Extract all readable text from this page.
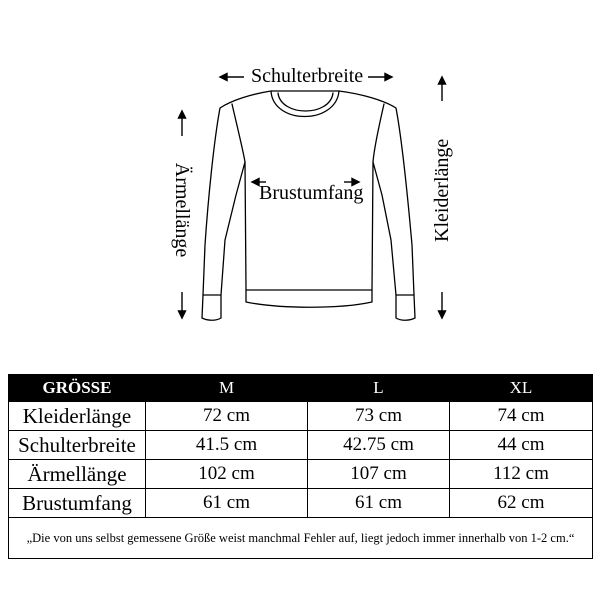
Schulterbreite
Brustumfang
Ärmellänge	Kleiderlänge
GRÖSSE	M	L	XL
Kleiderlänge	72 cm	73 cm	74 cm
Schulterbreite	41.5 cm	42.75 cm	44 cm
Ärmellänge	102 cm	107 cm	112 cm
Brustumfang	61 cm	61 cm	62 cm
„Die von uns selbst gemessene Größe weist manchmal Fehler auf, liegt jedoch immer innerhalb von 1-2 cm.“			
